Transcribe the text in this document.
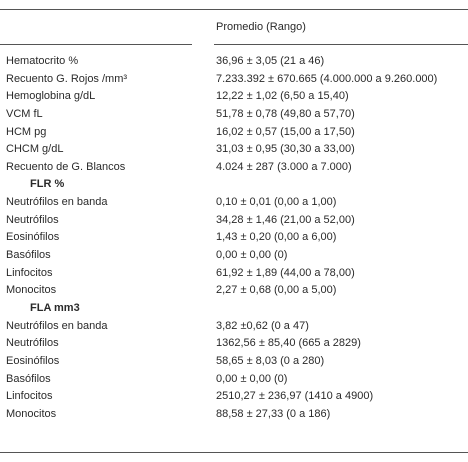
Promedio (Rango)
Hematocrito %	36,96 ± 3,05 (21 a 46)
Recuento G. Rojos /mm³	7.233.392 ± 670.665 (4.000.000 a 9.260.000)
Hemoglobina g/dL	12,22 ± 1,02 (6,50 a 15,40)
VCM fL	51,78 ± 0,78 (49,80 a 57,70)
HCM pg	16,02 ± 0,57 (15,00 a 17,50)
CHCM g/dL	31,03 ± 0,95 (30,30 a 33,00)
Recuento de G. Blancos	4.024 ± 287 (3.000 a 7.000)
FLR %
Neutrófilos en banda	0,10 ± 0,01 (0,00 a 1,00)
Neutrófilos	34,28 ± 1,46 (21,00 a 52,00)
Eosinófilos	1,43 ± 0,20 (0,00 a 6,00)
Basófilos	0,00 ± 0,00 (0)
Linfocitos	61,92 ± 1,89 (44,00 a 78,00)
Monocitos	2,27 ± 0,68 (0,00 a 5,00)
FLA mm3
Neutrófilos en banda	3,82 ±0,62 (0 a 47)
Neutrófilos	1362,56 ± 85,40 (665 a 2829)
Eosinófilos	58,65 ± 8,03 (0 a 280)
Basófilos	0,00 ± 0,00 (0)
Linfocitos	2510,27 ± 236,97 (1410 a 4900)
Monocitos	88,58 ± 27,33 (0 a 186)
